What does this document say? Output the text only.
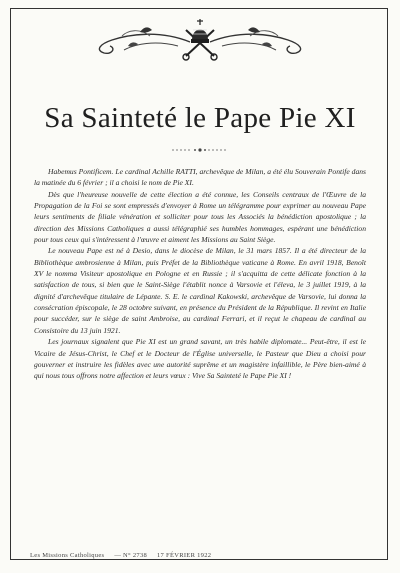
Sa Sainteté le Pape Pie XI

Habemus Pontificem. Le cardinal Achille RATTI, archevêque de Milan, a été élu Souverain Pontife dans la matinée du 6 février ; il a choisi le nom de Pie XI.

Dès que l'heureuse nouvelle de cette élection a été connue, les Conseils centraux de l'Œuvre de la Propagation de la Foi se sont empressés d'envoyer à Rome un télégramme pour exprimer au nouveau Pape leurs sentiments de filiale vénération et solliciter pour tous les Associés la bénédiction apostolique ; la direction des Missions Catholiques a aussi télégraphié ses humbles hommages, espérant une bénédiction pour tous ceux qui s'intéressent à l'œuvre et aiment les Missions au Saint Siège.

Le nouveau Pape est né à Desio, dans le diocèse de Milan, le 31 mars 1857. Il a été directeur de la Bibliothèque ambrosienne à Milan, puis Préfet de la Bibliothèque vaticane à Rome. En avril 1918, Benoît XV le nomma Visiteur apostolique en Pologne et en Russie ; il s'acquitta de cette délicate fonction à la satisfaction de tous, si bien que le Saint-Siège l'établit nonce à Varsovie et l'éleva, le 3 juillet 1919, à la dignité d'archevêque titulaire de Lépante. S. E. le cardinal Kakowski, archevêque de Varsovie, lui donna la consécration épiscopale, le 28 octobre suivant, en présence du Président de la République. Il revint en Italie pour succéder, sur le siège de saint Ambroise, au cardinal Ferrari, et il reçut le chapeau de cardinal au Consistoire du 13 juin 1921.

Les journaux signalent que Pie XI est un grand savant, un très habile diplomate... Peut-être, il est le Vicaire de Jésus-Christ, le Chef et le Docteur de l'Église universelle, le Pasteur que Dieu a choisi pour gouverner et instruire les fidèles avec une autorité suprême et un magistère infaillible, le Père bien-aimé à qui nous tous offrons notre affection et leurs vœux : Vive Sa Sainteté le Pape Pie XI !

Les Missions Catholiques — N° 2738 17 FÉVRIER 1922
